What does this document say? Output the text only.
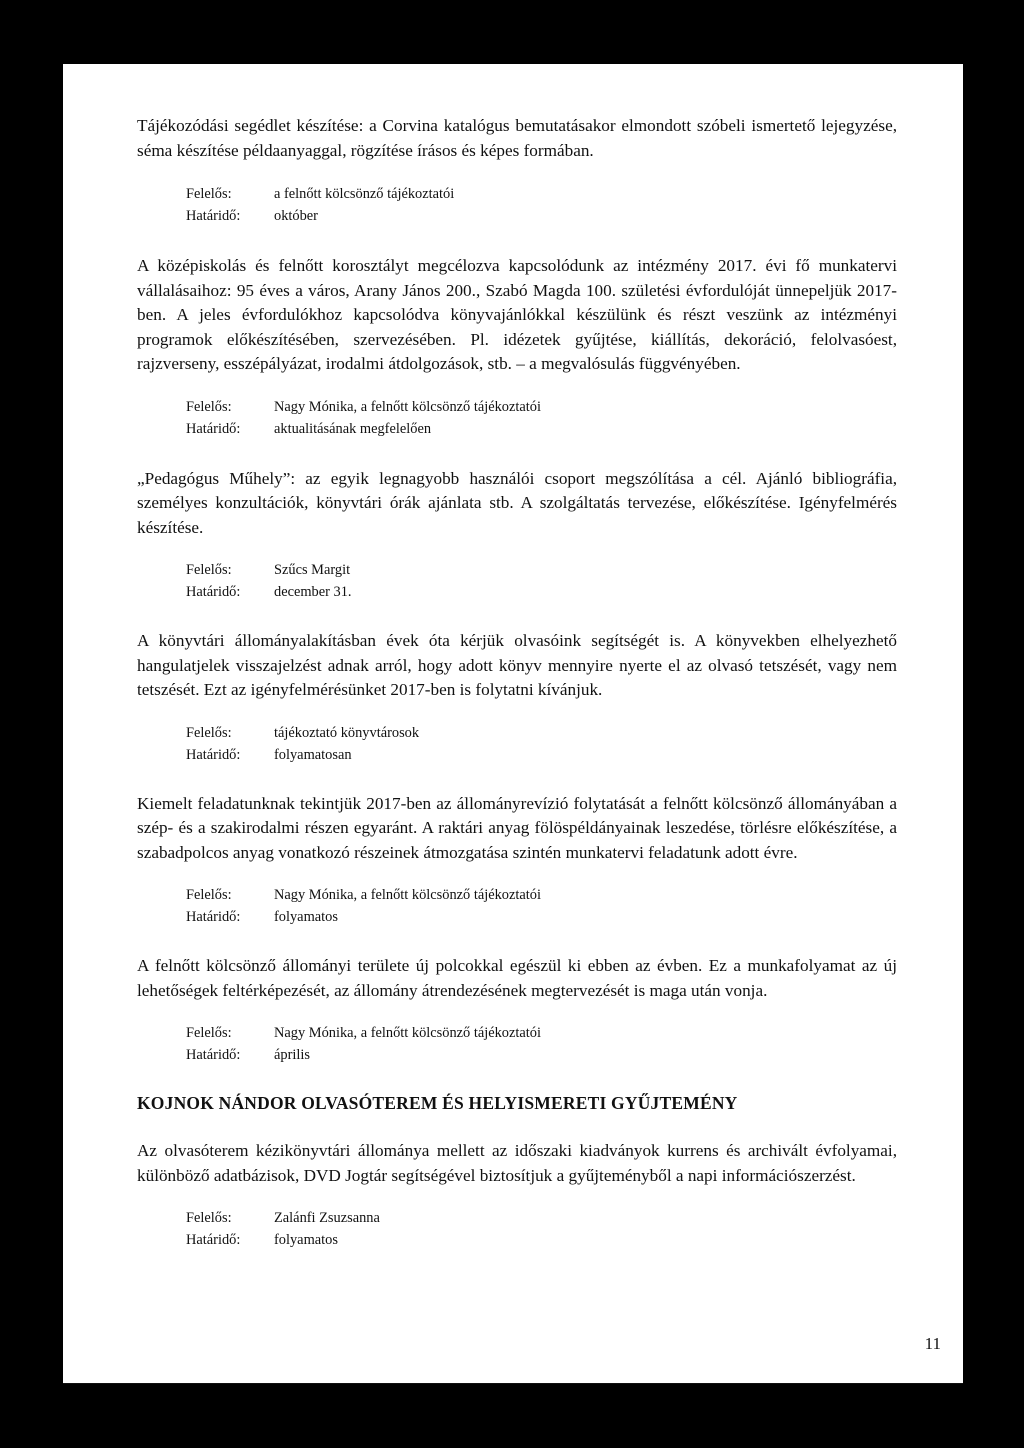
Tájékozódási segédlet készítése: a Corvina katalógus bemutatásakor elmondott szóbeli ismertető lejegyzése, séma készítése példaanyaggal, rögzítése írásos és képes formában.

Felelős:	a felnőtt kölcsönző tájékoztatói
Határidő:	október

A középiskolás és felnőtt korosztályt megcélozva kapcsolódunk az intézmény 2017. évi fő munkatervi vállalásaihoz: 95 éves a város, Arany János 200., Szabó Magda 100. születési évfordulóját ünnepeljük 2017-ben. A jeles évfordulókhoz kapcsolódva könyvajánlókkal készülünk és részt veszünk az intézményi programok előkészítésében, szervezésében. Pl. idézetek gyűjtése, kiállítás, dekoráció, felolvasóest, rajzverseny, esszépályázat, irodalmi átdolgozások, stb. – a megvalósulás függvényében.

Felelős:	Nagy Mónika, a felnőtt kölcsönző tájékoztatói
Határidő:	aktualitásának megfelelően

„Pedagógus Műhely”: az egyik legnagyobb használói csoport megszólítása a cél. Ajánló bibliográfia, személyes konzultációk, könyvtári órák ajánlata stb. A szolgáltatás tervezése, előkészítése. Igényfelmérés készítése.

Felelős:	Szűcs Margit
Határidő:	december 31.

A könyvtári állományalakításban évek óta kérjük olvasóink segítségét is. A könyvekben elhelyezhető hangulatjelek visszajelzést adnak arról, hogy adott könyv mennyire nyerte el az olvasó tetszését, vagy nem tetszését. Ezt az igényfelmérésünket 2017-ben is folytatni kívánjuk.

Felelős:	tájékoztató könyvtárosok
Határidő:	folyamatosan

Kiemelt feladatunknak tekintjük 2017-ben az állományrevízió folytatását a felnőtt kölcsönző állományában a szép- és a szakirodalmi részen egyaránt. A raktári anyag fölöspéldányainak leszedése, törlésre előkészítése, a szabadpolcos anyag vonatkozó részeinek átmozgatása szintén munkatervi feladatunk adott évre.

Felelős:	Nagy Mónika, a felnőtt kölcsönző tájékoztatói
Határidő:	folyamatos

A felnőtt kölcsönző állományi területe új polcokkal egészül ki ebben az évben. Ez a munkafolyamat az új lehetőségek feltérképezését, az állomány átrendezésének megtervezését is maga után vonja.

Felelős:	Nagy Mónika, a felnőtt kölcsönző tájékoztatói
Határidő:	április
KOJNOK NÁNDOR OLVASÓTEREM ÉS HELYISMERETI GYŰJTEMÉNY

Az olvasóterem kézikönyvtári állománya mellett az időszaki kiadványok kurrens és archivált évfolyamai, különböző adatbázisok, DVD Jogtár segítségével biztosítjuk a gyűjteményből a napi információszerzést.

Felelős:	Zalánfi Zsuzsanna
Határidő:	folyamatos
11
